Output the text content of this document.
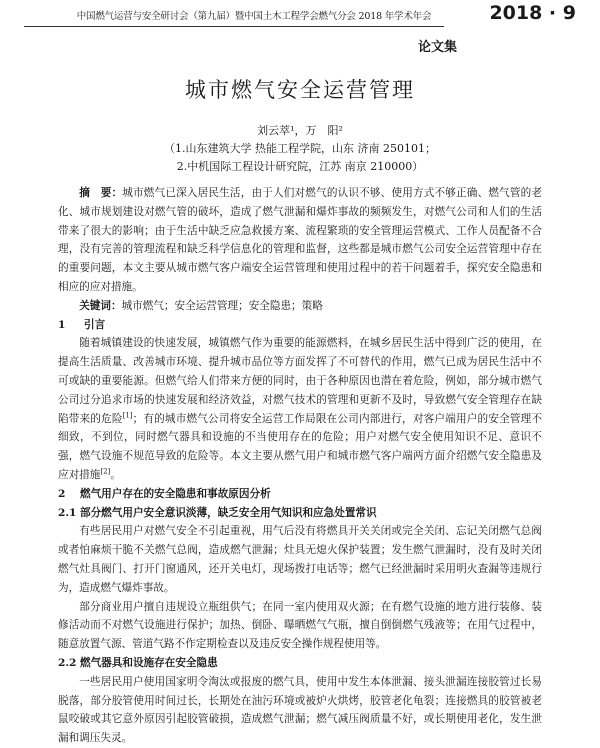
中国燃气运营与安全研讨会（第九届）暨中国土木工程学会燃气分会 2018 年学术年会	2018 · 9
论文集
城市燃气安全运营管理
刘云萃¹，万　阳²
（1.山东建筑大学 热能工程学院，山东 济南 250101；
2.中机国际工程设计研究院，江苏 南京 210000）

摘　要：城市燃气已深入居民生活，由于人们对燃气的认识不够、使用方式不够正确、燃气管的老化、城市规划建设对燃气管的破坏，造成了燃气泄漏和爆炸事故的频频发生，对燃气公司和人们的生活带来了很大的影响；由于生活中缺乏应急救援方案、流程繁琐的安全管理运营模式、工作人员配备不合理，没有完善的管理流程和缺乏科学信息化的管理和监督，这些都是城市燃气公司安全运营管理中存在的重要问题，本文主要从城市燃气客户端安全运营管理和使用过程中的若干问题着手，探究安全隐患和相应的应对措施。

关键词：城市燃气；安全运营管理；安全隐患；策略

1 引言

随着城镇建设的快速发展，城镇燃气作为重要的能源燃料，在城乡居民生活中得到广泛的使用，在提高生活质量、改善城市环境、提升城市品位等方面发挥了不可替代的作用，燃气已成为居民生活中不可或缺的重要能源。但燃气给人们带来方便的同时，由于各种原因也潜在着危险，例如，部分城市燃气公司过分追求市场的快速发展和经济效益，对燃气技术的管理和更新不及时，导致燃气安全管理存在缺陷带来的危险[1]；有的城市燃气公司将安全运营工作局限在公司内部进行，对客户端用户的安全管理不细致，不到位，同时燃气器具和设施的不当使用存在的危险；用户对燃气安全使用知识不足、意识不强，燃气设施不规范导致的危险等。本文主要从燃气用户和城市燃气客户端两方面介绍燃气安全隐患及应对措施[2]。

2 燃气用户存在的安全隐患和事故原因分析

2.1 部分燃气用户安全意识淡薄，缺乏安全用气知识和应急处置常识

有些居民用户对燃气安全不引起重视，用气后没有将燃具开关关闭或完全关闭、忘记关闭燃气总阀或者怕麻烦干脆不关燃气总阀，造成燃气泄漏；灶具无熄火保护装置；发生燃气泄漏时，没有及时关闭燃气灶具阀门、打开门窗通风，还开关电灯，现场拨打电话等；燃气已经泄漏时采用明火查漏等违规行为，造成燃气爆炸事故。

部分商业用户擅自违规设立瓶组供气；在同一室内使用双火源；在有燃气设施的地方进行装修、装修活动而不对燃气设施进行保护；加热、倒卧、曝晒燃气气瓶，擅自倒倒燃气残液等；在用气过程中，随意放置气源、管道气路不作定期检查以及违反安全操作规程使用等。

2.2 燃气器具和设施存在安全隐患

一些居民用户使用国家明令淘汰或报废的燃气具，使用中发生本体泄漏、接头泄漏连接胶管过长易脱落，部分胶管使用时间过长，长期处在油污环境或被炉火烘烤，胶管老化龟裂；连接燃具的胶管被老鼠咬破或其它意外原因引起胶管破损，造成燃气泄漏；燃气减压阀质量不好，或长期使用老化，发生泄漏和调压失灵。
